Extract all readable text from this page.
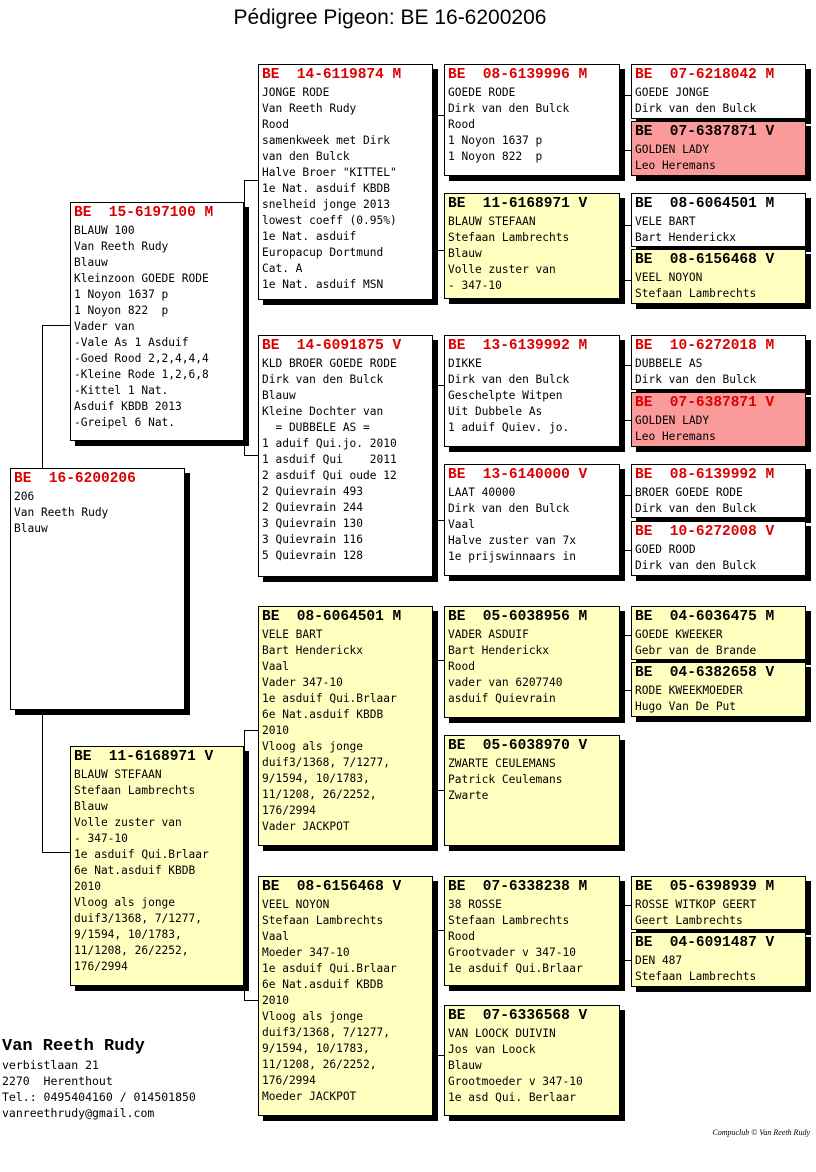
Pédigree Pigeon: BE 16-6200206
BE  16-6200206
206
Van Reeth Rudy
Blauw
BE  15-6197100 M
BLAUW 100
Van Reeth Rudy
Blauw
Kleinzoon GOEDE RODE
1 Noyon 1637 p
1 Noyon 822  p
Vader van
-Vale As 1 Asduif
-Goed Rood 2,2,4,4,4
-Kleine Rode 1,2,6,8
-Kittel 1 Nat.
Asduif KBDB 2013
-Greipel 6 Nat.
BE  11-6168971 V
BLAUW STEFAAN
Stefaan Lambrechts
Blauw
Volle zuster van
- 347-10
1e asduif Qui.Brlaar
6e Nat.asduif KBDB
2010
Vloog als jonge
duif3/1368, 7/1277,
9/1594, 10/1783,
11/1208, 26/2252,
176/2994
BE  14-6119874 M
JONGE RODE
Van Reeth Rudy
Rood
samenkweek met Dirk
van den Bulck
Halve Broer "KITTEL"
1e Nat. asduif KBDB
snelheid jonge 2013
lowest coeff (0.95%)
1e Nat. asduif
Europacup Dortmund
Cat. A
1e Nat. asduif MSN
BE  14-6091875 V
KLD BROER GOEDE RODE
Dirk van den Bulck
Blauw
Kleine Dochter van
= DUBBELE AS =
1 aduif Qui.jo. 2010
1 asduif Qui    2011
2 asduif Qui oude 12
2 Quievrain 493
2 Quievrain 244
3 Quievrain 130
3 Quievrain 116
5 Quievrain 128
BE  08-6064501 M
VELE BART
Bart Henderickx
Vaal
Vader 347-10
1e asduif Qui.Brlaar
6e Nat.asduif KBDB
2010
Vloog als jonge
duif3/1368, 7/1277,
9/1594, 10/1783,
11/1208, 26/2252,
176/2994
Vader JACKPOT
BE  08-6156468 V
VEEL NOYON
Stefaan Lambrechts
Vaal
Moeder 347-10
1e asduif Qui.Brlaar
6e Nat.asduif KBDB
2010
Vloog als jonge
duif3/1368, 7/1277,
9/1594, 10/1783,
11/1208, 26/2252,
176/2994
Moeder JACKPOT
BE  08-6139996 M
GOEDE RODE
Dirk van den Bulck
Rood
1 Noyon 1637 p
1 Noyon 822  p
BE  11-6168971 V
BLAUW STEFAAN
Stefaan Lambrechts
Blauw
Volle zuster van
- 347-10
BE  13-6139992 M
DIKKE
Dirk van den Bulck
Geschelpte Witpen
Uit Dubbele As
1 aduif Quiev. jo.
BE  13-6140000 V
LAAT 40000
Dirk van den Bulck
Vaal
Halve zuster van 7x
1e prijswinnaars in
BE  05-6038956 M
VADER ASDUIF
Bart Henderickx
Rood
vader van 6207740
asduif Quievrain
BE  05-6038970 V
ZWARTE CEULEMANS
Patrick Ceulemans
Zwarte
BE  07-6338238 M
38 ROSSE
Stefaan Lambrechts
Rood
Grootvader v 347-10
1e asduif Qui.Brlaar
BE  07-6336568 V
VAN LOOCK DUIVIN
Jos van Loock
Blauw
Grootmoeder v 347-10
1e asd Qui. Berlaar
BE  07-6218042 M
GOEDE JONGE
Dirk van den Bulck
BE  07-6387871 V
GOLDEN LADY
Leo Heremans
BE  08-6064501 M
VELE BART
Bart Henderickx
BE  08-6156468 V
VEEL NOYON
Stefaan Lambrechts
BE  10-6272018 M
DUBBELE AS
Dirk van den Bulck
BE  07-6387871 V
GOLDEN LADY
Leo Heremans
BE  08-6139992 M
BROER GOEDE RODE
Dirk van den Bulck
BE  10-6272008 V
GOED ROOD
Dirk van den Bulck
BE  04-6036475 M
GOEDE KWEEKER
Gebr van de Brande
BE  04-6382658 V
RODE KWEEKMOEDER
Hugo Van De Put
BE  05-6398939 M
ROSSE WITKOP GEERT
Geert Lambrechts
BE  04-6091487 V
DEN 487
Stefaan Lambrechts
Van Reeth Rudy
verbistlaan 21
2270  Herenthout
Tel.: 0495404160 / 014501850
vanreethrudy@gmail.com
Compuclub © Van Reeth Rudy
